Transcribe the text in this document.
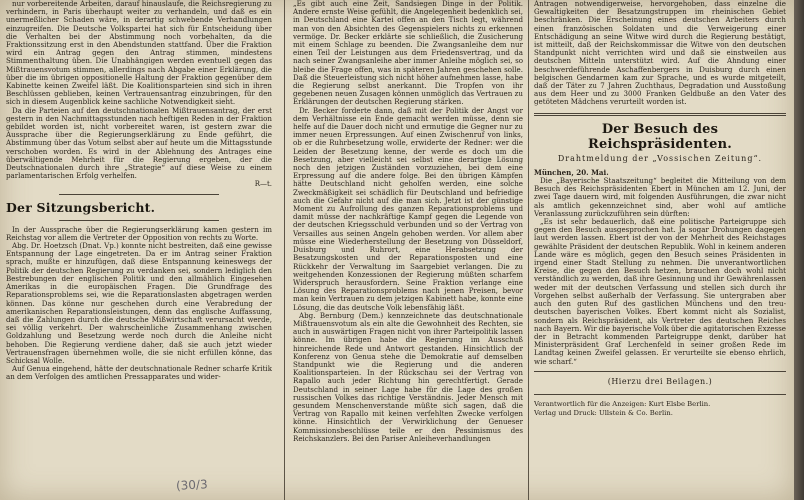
nur vorbereitende Arbeiten, darauf hinauslaufe, die Reichsregierung zu verhindern, in Paris überhaupt weiter zu verhandeln, und daß es ein unermeßlicher Schaden wäre, in derartig schwebende Verhandlungen einzugreifen. Die Deutsche Volkspartei hat sich für Entscheidung über die Verhalten bei der Abstimmung noch vorbehalten, da die Fraktionssitzung erst in den Abendstunden stattfand. Über die Fraktion wird ein Antrag gegen den Antrag stimmen, mindestens Stimmenthaltung üben. Die Unabhängigen werden eventuell gegen das Mißtrauensvotum stimmen, allerdings nach Abgabe einer Erklärung, die über die im übrigen oppositionelle Haltung der Fraktion gegenüber dem Kabinette keinen Zweifel läßt. Die Koalitionsparteien sind sich in ihren Beschlüssen geblieben, keinen Vertrauensantrag einzubringen, für den sich in diesem Augenblick keine sachliche Notwendigkeit sieht.

Da die Parteien auf den deutschnationalen Mißtrauensantrag, der erst gestern in den Nachmittagsstunden nach heftigen Reden in der Fraktion gebildet worden ist, nicht vorbereitet waren, ist gestern zwar die Aussprache über die Regierungserklärung zu Ende geführt, die Abstimmung über das Votum selbst aber auf heute um die Mittagsstunde verschoben worden. Es wird in der Ablehnung des Antrages eine überwältigende Mehrheit für die Regierung ergeben, der die Deutschnationalen durch ihre „Strategie“ auf diese Weise zu einem parlamentarischen Erfolg verhelfen.

R—t.

Der Sitzungsbericht.

In der Aussprache über die Regierungserklärung kamen gestern im Reichstag vor allem die Vertreter der Opposition von rechts zu Worte.

Abg. Dr. Hoetzsch (Dnat. Vp.) konnte nicht bestreiten, daß eine gewisse Entspannung der Lage eingetreten. Da er im Antrag seiner Fraktion sprach, mußte er hinzufügen, daß diese Entspannung keineswegs der Politik der deutschen Regierung zu verdanken sei, sondern lediglich den Bestrebungen der englischen Politik und den allmählich Eingesehen Amerikas in die europäischen Fragen. Die Grundfrage des Reparationsproblems sei, wie die Reparationslasten abgetragen werden können. Das könne nur geschehen durch eine Verabredung der amerikanischen Reparationsleistungen, denn das englische Auffassung, daß die Zahlungen durch die deutsche Mißwirtschaft verursacht werde, sei völlig verkehrt. Der wahrscheinliche Zusammenhang zwischen Goldzahlung und Besetzung werde noch durch die Anleihe nicht behoben. Die Regierung verdiene daher, daß sie auch jetzt wieder Vertrauensfragen übernehmen wolle, die sie nicht erfüllen könne, das Schicksal Wolle.

Auf Genua eingehend, hätte der deutschnationale Redner scharfe Kritik an dem Verfolgen des amtlichen Pressapparates und wider-

„Es gibt auch eine Zeit, Sandsiegen Dinge in der Politik. Andere ernste Weise gefühlt, die Angelegenheit bedenklich sei, in Deutschland eine Kartei offen an den Tisch legt, während man von den Absichten des Gegenspielers nichts zu erkennen vermöge. Dr. Becker erklärte sie schließlich, die Zusicherung mit einem Schlage zu beenden. Die Zwangsanleihe dem nur einen Teil der Leistungen aus dem Friedensvertrag, und da nach seiner Zwangsanleihe aber immer Anleihe möglich sei, so bleibe die Frage offen, was in späteren Jahren geschehen solle. Daß die Steuerleistung sich nicht höher aufnehmen lasse, habe die Regierung selbst anerkannt. Die Tropfen von ihr gegebenen neuen Zusagen können unmöglich das Vertrauen zu Erklärungen der deutschen Regierung stärken.

Dr. Becker forderte dann, daß mit der Politik der Angst vor dem Verhältnisse ein Ende gemacht werden müsse, denn sie helfe auf die Dauer doch nicht und ermutige die Gegner nur zu immer neuen Erpressungen. Auf einen Zwischenruf von links, ob er die Ruhrbesetzung wolle, erwiderte der Redner: wer die Leiden der Besetzung kenne, der werde es doch um die Besetzung, aber vielleicht sei selbst eine derartige Lösung noch den jetzigen Zuständen vorzuziehen, bei dem eine Erpressung auf die andere folge. Bei den übrigen Kämpfen hätte Deutschland nicht geholfen werden, eine solche Zweckmäßigkeit sei schädlich für Deutschland und befriedige auch die Gefahr nicht auf die man sich. Jetzt ist der günstige Moment zu Aufrollung des ganzen Reparationsproblems und damit müsse der nachkräftige Kampf gegen die Legende von der deutschen Kriegsschuld verbunden und so der Vertrag von Versailles aus seinen Angeln gehoben werden. Vor allem aber müsse eine Wiederherstellung der Besetzung von Düsseldorf, Duisburg und Ruhrort, eine Herabsetzung der Besatzungskosten und der Reparationsposten und eine Rückkehr der Verwaltung im Saargebiet verlangen. Die zu weitgehenden Konzessionen der Regierung müßten scharfem Widerspruch herausfordern. Seine Fraktion verlange eine Lösung des Reparationsproblems nach jenen Preisen, bevor man kein Vertrauen zu dem jetzigen Kabinett habe, konnte eine Lösung, die das deutsche Volk lebensfähig läßt.

Abg. Bernburg (Dem.) kennzeichnete das deutschnationale Mißtrauensvotum als ein alte die Gewohnheit des Rechten, sie auch in auswärtigen Fragen nicht von ihrer Parteipolitik lassen könne. Im übrigen habe die Regierung im Ausschuß hinreichende Rede und Antwort gestanden. Hinsichtlich der Konferenz von Genua stehe die Demokratie auf demselben Standpunkt wie die Regierung und die anderen Koalitionsparteien. In der Rückschau sei der Vertrag von Rapallo auch jeder Richtung hin gerechtfertigt. Gerade Deutschland in seiner Lage habe für die Lage des großen russischen Volkes das richtige Verständnis. Jeder Mensch mit gesundem Menschenverstande müßte sich sagen, daß die Vertrag von Rapallo mit keinen verfehlten Zwecke verfolgen könne. Hinsichtlich der Verwirklichung der Genueser Kommissionsbeschlüsse teile er den Pessimismus des Reichskanzlers. Bei den Pariser Anleiheverhandlungen

Antragen notwendigerweise, hervorgehoben, dass einzelne die Gewaltigkeiten der Besatzungstruppen im rheinischen Gebiet beschränken. Die Erscheinung eines deutschen Arbeiters durch einen französischen Soldaten und die Verweigerung einer Entschädigung an seine Witwe wird durch die Regierung bestätigt, ist mitteilt, daß der Reichskommissar die Witwe von den deutschen Standpunkt nicht verrichten wird und daß sie einstweilen aus deutschen Mitteln unterstützt wird. Auf die Ahndung einer beschwerdeführende Aschaffenbergers in Duisburg durch einen belgischen Gendarmen kam zur Sprache, und es wurde mitgeteilt, daß der Täter zu 7 Jahren Zuchthaus, Degradation und Ausstoßung aus dem Heer und zu 3000 Franken Geldbuße an den Vater des getöteten Mädchens verurteilt worden ist.

Der Besuch des Reichspräsidenten.
Drahtmeldung der „Vossischen Zeitung“.

München, 20. Mai.

Die „Bayerische Staatszeitung“ begleitet die Mitteilung von dem Besuch des Reichspräsidenten Ebert in München am 12. Juni, der zwei Tage dauern wird, mit folgenden Ausführungen, die zwar nicht als amtlich gekennzeichnet sind, aber wohl auf amtliche Veranlassung zurückzuführen sein dürften:

„Es ist sehr bedauerlich, daß eine politische Parteigruppe sich gegen den Besuch ausgesprochen hat. Ja sogar Drohungen dagegen laut werden lassen. Ebert ist der von der Mehrheit des Reichstages gewählte Präsident der deutschen Republik. Wohl in keinem anderen Lande wäre es möglich, gegen den Besuch seines Präsidenten in irgend einer Stadt Stellung zu nehmen. Die unverantwortlichen Kreise, die gegen den Besuch hetzen, brauchen doch wohl nicht verständlich zu werden, daß ihre Gesinnung und ihr Gewährenlassen weder mit der deutschen Verfassung und stellen sich durch ihr Vorgehen selbst außerhalb der Verfassung. Sie untergraben aber auch den guten Ruf des gastlichen Münchens und den treu-deutschen bayerischen Volkes. Ebert kommt nicht als Sozialist, sondern als Reichspräsident, als Vertreter des deutschen Reiches nach Bayern. Wir die bayerische Volk über die agitatorischen Exzesse der in Betracht kommenden Parteigruppe denkt, darüber hat Ministerpräsident Graf Lerchenfeld in seiner großen Rede im Landtag keinen Zweifel gelassen. Er verurteilte sie ebenso ehrlich, wie scharf.“

(Hierzu drei Beilagen.)

Verantwortlich für die Anzeigen: Kurt Elsbe Berlin.

Verlag und Druck: Ullstein & Co. Berlin.

(30/3
